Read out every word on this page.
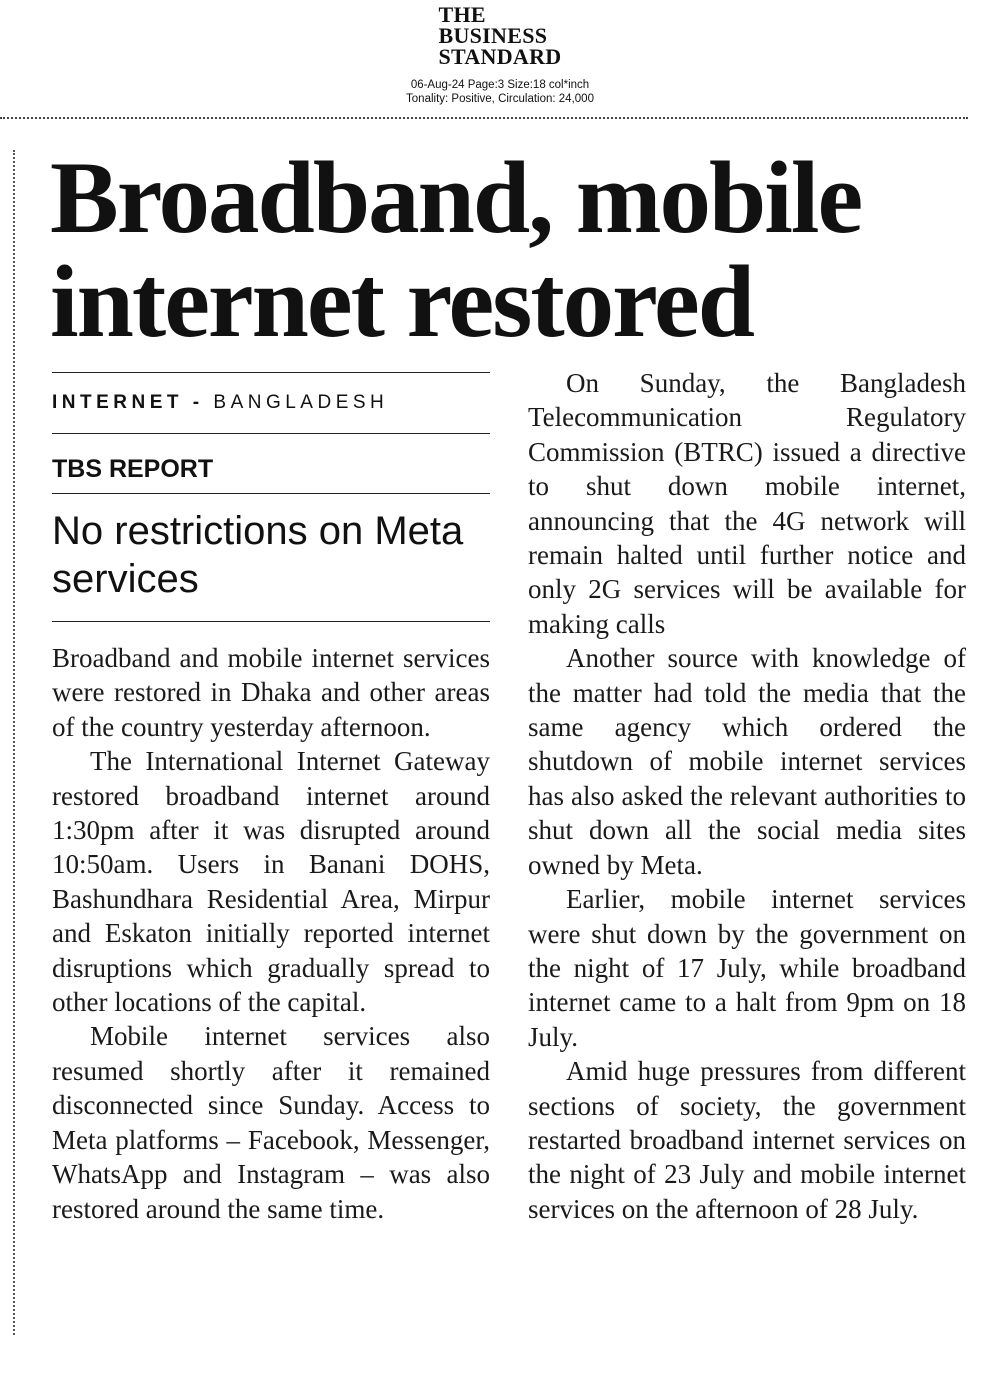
THE
BUSINESS
STANDARD
06-Aug-24 Page:3 Size:18 col*inch
Tonality: Positive, Circulation: 24,000
Broadband, mobile internet restored
INTERNET - BANGLADESH
TBS REPORT
No restrictions on Meta services

Broadband and mobile internet services were restored in Dhaka and other areas of the country yesterday afternoon.

The International Internet Gateway restored broadband internet around 1:30pm after it was disrupted around 10:50am. Users in Banani DOHS, Bashundhara Residential Area, Mirpur and Eskaton initially reported internet disruptions which gradually spread to other locations of the capital.

Mobile internet services also resumed shortly after it remained disconnected since Sunday. Access to Meta platforms – Facebook, Messenger, WhatsApp and Instagram – was also restored around the same time.

On Sunday, the Bangladesh Telecommunication Regulatory Commission (BTRC) issued a directive to shut down mobile internet, announcing that the 4G network will remain halted until further notice and only 2G services will be available for making calls

Another source with knowledge of the matter had told the media that the same agency which ordered the shutdown of mobile internet services has also asked the relevant authorities to shut down all the social media sites owned by Meta.

Earlier, mobile internet services were shut down by the government on the night of 17 July, while broadband internet came to a halt from 9pm on 18 July.

Amid huge pressures from different sections of society, the government restarted broadband internet services on the night of 23 July and mobile internet services on the afternoon of 28 July.
